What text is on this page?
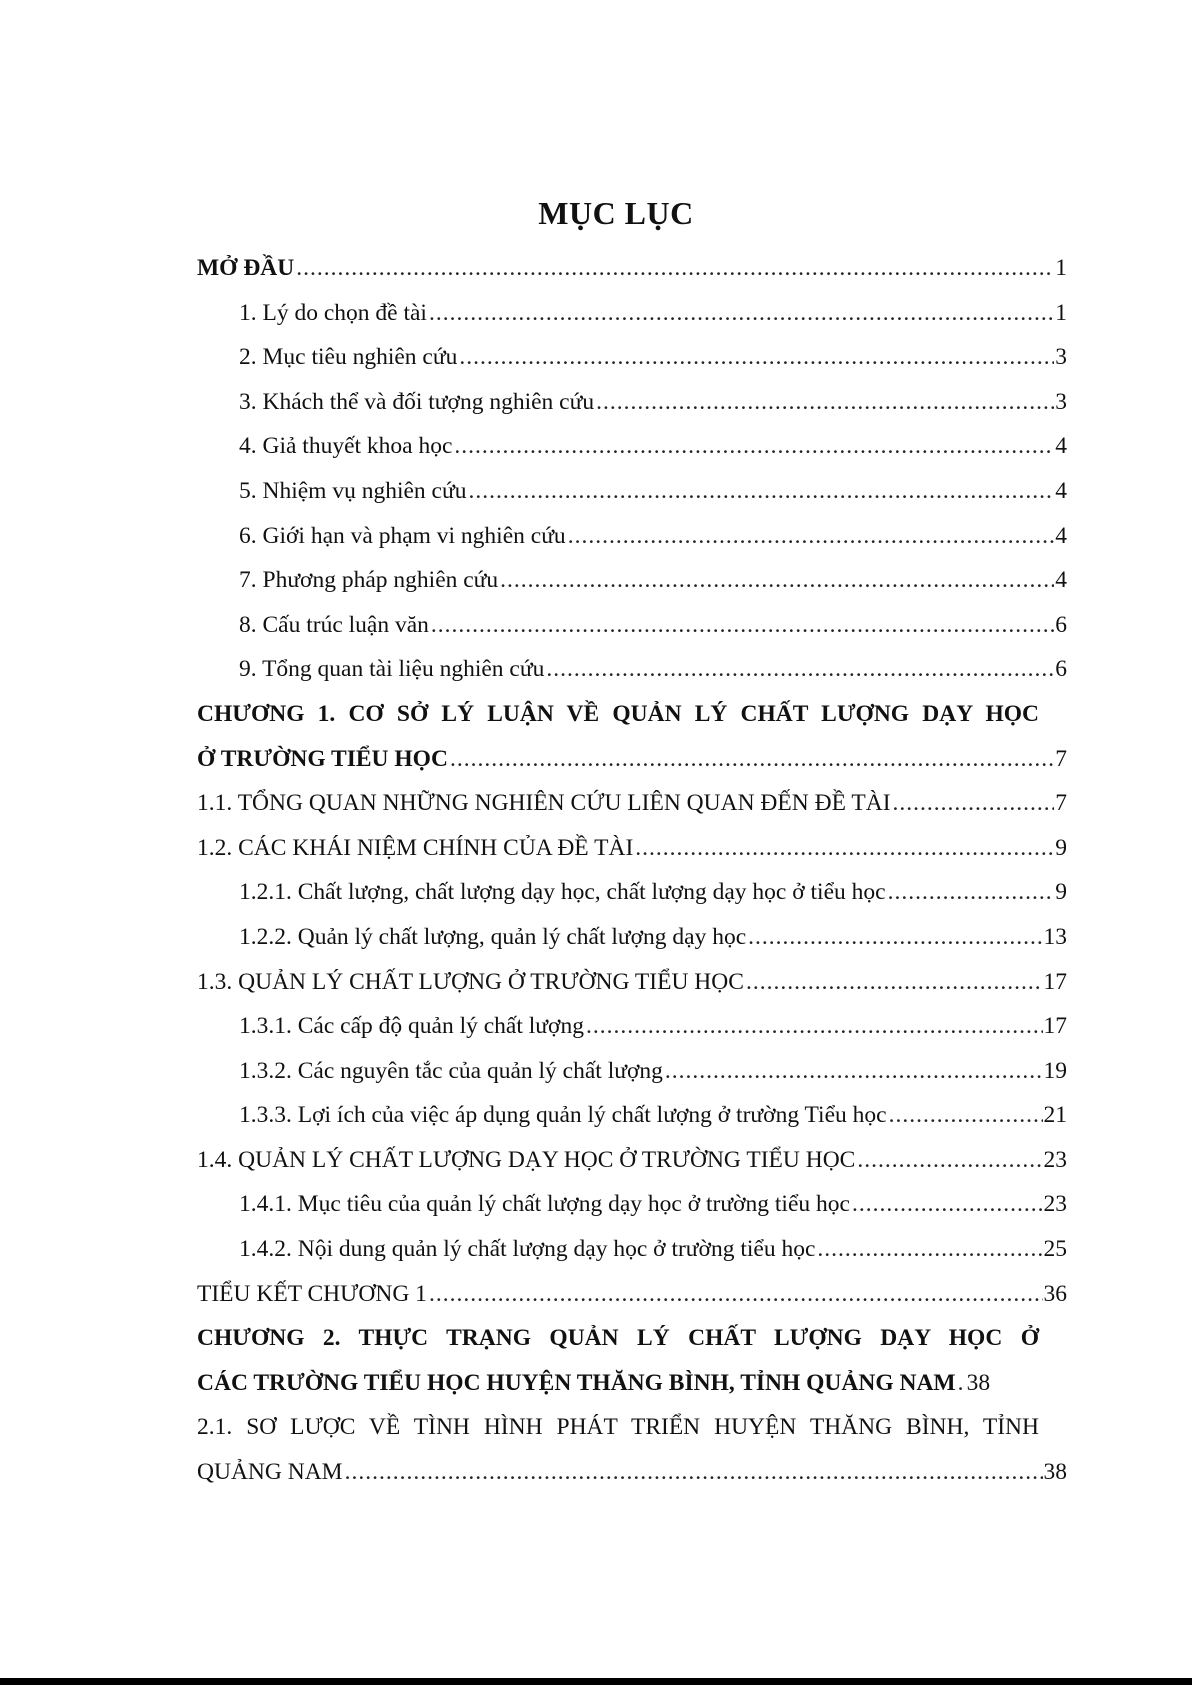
MỤC LỤC
MỞ ĐẦU .....	1
1. Lý do chọn đề tài .....	1
2. Mục tiêu nghiên cứu .....	3
3. Khách thể và đối tượng nghiên cứu .....	3
4. Giả thuyết khoa học .....	4
5. Nhiệm vụ nghiên cứu .....	4
6. Giới hạn và phạm vi nghiên cứu .....	4
7. Phương pháp nghiên cứu .....	4
8. Cấu trúc luận văn .....	6
9. Tổng quan tài liệu nghiên cứu .....	6
CHƯƠNG 1. CƠ SỞ LÝ LUẬN VỀ QUẢN LÝ CHẤT LƯỢNG DẠY HỌC
Ở TRƯỜNG TIỂU HỌC .....	7
1.1. TỔNG QUAN NHỮNG NGHIÊN CỨU LIÊN QUAN ĐẾN ĐỀ TÀI .....	7
1.2. CÁC KHÁI NIỆM CHÍNH CỦA ĐỀ TÀI .....	9
1.2.1. Chất lượng, chất lượng dạy học, chất lượng dạy học ở tiểu học .....	9
1.2.2. Quản lý chất lượng, quản lý chất lượng dạy học .....	13
1.3. QUẢN LÝ CHẤT LƯỢNG Ở TRƯỜNG TIỂU HỌC .....	17
1.3.1. Các cấp độ quản lý chất lượng .....	17
1.3.2. Các nguyên tắc của quản lý chất lượng .....	19
1.3.3. Lợi ích của việc áp dụng quản lý chất lượng ở trường Tiểu học .....	21
1.4. QUẢN LÝ CHẤT LƯỢNG DẠY HỌC Ở TRƯỜNG TIỂU HỌC .....	23
1.4.1. Mục tiêu của quản lý chất lượng dạy học ở trường tiểu học .....	23
1.4.2. Nội dung quản lý chất lượng dạy học ở trường tiểu học .....	25
TIỂU KẾT CHƯƠNG 1 .....	36
CHƯƠNG 2. THỰC TRẠNG QUẢN LÝ CHẤT LƯỢNG DẠY HỌC Ở
CÁC TRƯỜNG TIỂU HỌC HUYỆN THĂNG BÌNH, TỈNH QUẢNG NAM ..... 38
2.1. SƠ LƯỢC VỀ TÌNH HÌNH PHÁT TRIỂN HUYỆN THĂNG BÌNH, TỈNH
QUẢNG NAM .....	38
